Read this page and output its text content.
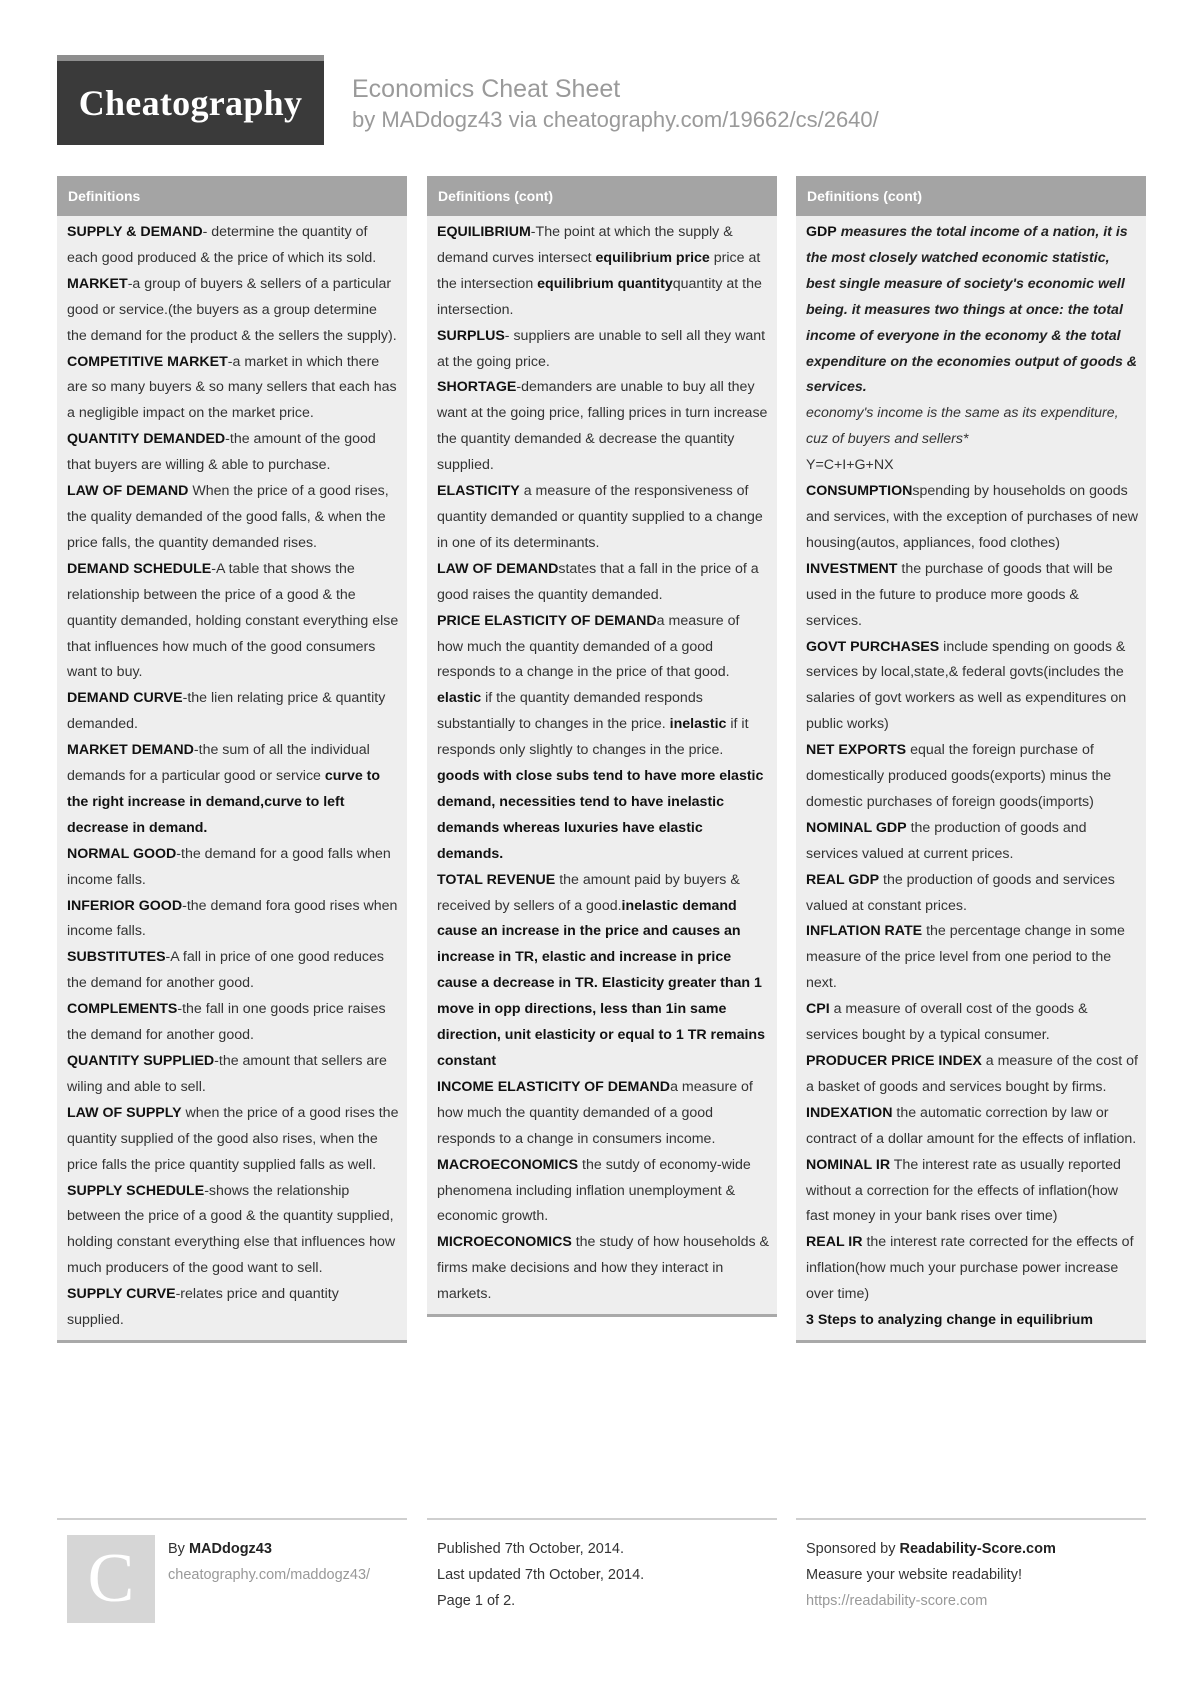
Cheatography Economics Cheat Sheet
by MADdogz43 via cheatography.com/19662/cs/2640/
Definitions

SUPPLY & DEMAND- determine the quantity of each good produced & the price of which its sold.

MARKET-a group of buyers & sellers of a particular good or service.(the buyers as a group determine the demand for the product & the sellers the supply).

COMPETITIVE MARKET-a market in which there are so many buyers & so many sellers that each has a negligible impact on the market price.

QUANTITY DEMANDED-the amount of the good that buyers are willing & able to purchase.

LAW OF DEMAND When the price of a good rises, the quality demanded of the good falls, & when the price falls, the quantity demanded rises.

DEMAND SCHEDULE-A table that shows the relationship between the price of a good & the quantity demanded, holding constant everything else that influences how much of the good consumers want to buy.

DEMAND CURVE-the lien relating price & quantity demanded.

MARKET DEMAND-the sum of all the individual demands for a particular good or service curve to the right increase in demand,curve to left decrease in demand.

NORMAL GOOD-the demand for a good falls when income falls.

INFERIOR GOOD-the demand fora good rises when income falls.

SUBSTITUTES-A fall in price of one good reduces the demand for another good.

COMPLEMENTS-the fall in one goods price raises the demand for another good.

QUANTITY SUPPLIED-the amount that sellers are wiling and able to sell.

LAW OF SUPPLY when the price of a good rises the quantity supplied of the good also rises, when the price falls the price quantity supplied falls as well.

SUPPLY SCHEDULE-shows the relationship between the price of a good & the quantity supplied, holding constant everything else that influences how much producers of the good want to sell.

SUPPLY CURVE-relates price and quantity supplied.

Definitions (cont)

EQUILIBRIUM-The point at which the supply & demand curves intersect equilibrium price price at the intersection equilibrium quantityquantity at the intersection.

SURPLUS- suppliers are unable to sell all they want at the going price.

SHORTAGE-demanders are unable to buy all they want at the going price, falling prices in turn increase the quantity demanded & decrease the quantity supplied.

ELASTICITY a measure of the responsiveness of quantity demanded or quantity supplied to a change in one of its determinants.

LAW OF DEMANDstates that a fall in the price of a good raises the quantity demanded.

PRICE ELASTICITY OF DEMANDa measure of how much the quantity demanded of a good responds to a change in the price of that good. elastic if the quantity demanded responds substantially to changes in the price. inelastic if it responds only slightly to changes in the price. goods with close subs tend to have more elastic demand, necessities tend to have inelastic demands whereas luxuries have elastic demands.

TOTAL REVENUE the amount paid by buyers & received by sellers of a good.inelastic demand cause an increase in the price and causes an increase in TR, elastic and increase in price cause a decrease in TR. Elasticity greater than 1 move in opp directions, less than 1in same direction, unit elasticity or equal to 1 TR remains constant

INCOME ELASTICITY OF DEMANDa measure of how much the quantity demanded of a good responds to a change in consumers income.

MACROECONOMICS the sutdy of economy-wide phenomena including inflation unemployment & economic growth.

MICROECONOMICS the study of how households & firms make decisions and how they interact in markets.

Definitions (cont)

GDP measures the total income of a nation, it is the most closely watched economic statistic, best single measure of society's economic well being. it measures two things at once: the total income of everyone in the economy & the total expenditure on the economies output of goods & services.

economy's income is the same as its expenditure, cuz of buyers and sellers*

Y=C+I+G+NX

CONSUMPTIONspending by households on goods and services, with the exception of purchases of new housing(autos, appliances, food clothes)

INVESTMENT the purchase of goods that will be used in the future to produce more goods & services.

GOVT PURCHASES include spending on goods & services by local,state,& federal govts(includes the salaries of govt workers as well as expenditures on public works)

NET EXPORTS equal the foreign purchase of domestically produced goods(exports) minus the domestic purchases of foreign goods(imports)

NOMINAL GDP the production of goods and services valued at current prices.

REAL GDP the production of goods and services valued at constant prices.

INFLATION RATE the percentage change in some measure of the price level from one period to the next.

CPI a measure of overall cost of the goods & services bought by a typical consumer.

PRODUCER PRICE INDEX a measure of the cost of a basket of goods and services bought by firms.

INDEXATION the automatic correction by law or contract of a dollar amount for the effects of inflation.

NOMINAL IR The interest rate as usually reported without a correction for the effects of inflation(how fast money in your bank rises over time)

REAL IR the interest rate corrected for the effects of inflation(how much your purchase power increase over time)

3 Steps to analyzing change in equilibrium

C By MADdogz43
cheatography.com/maddogz43/
Published 7th October, 2014.
Last updated 7th October, 2014.
Page 1 of 2.
Sponsored by Readability-Score.com
Measure your website readability!
https://readability-score.com
